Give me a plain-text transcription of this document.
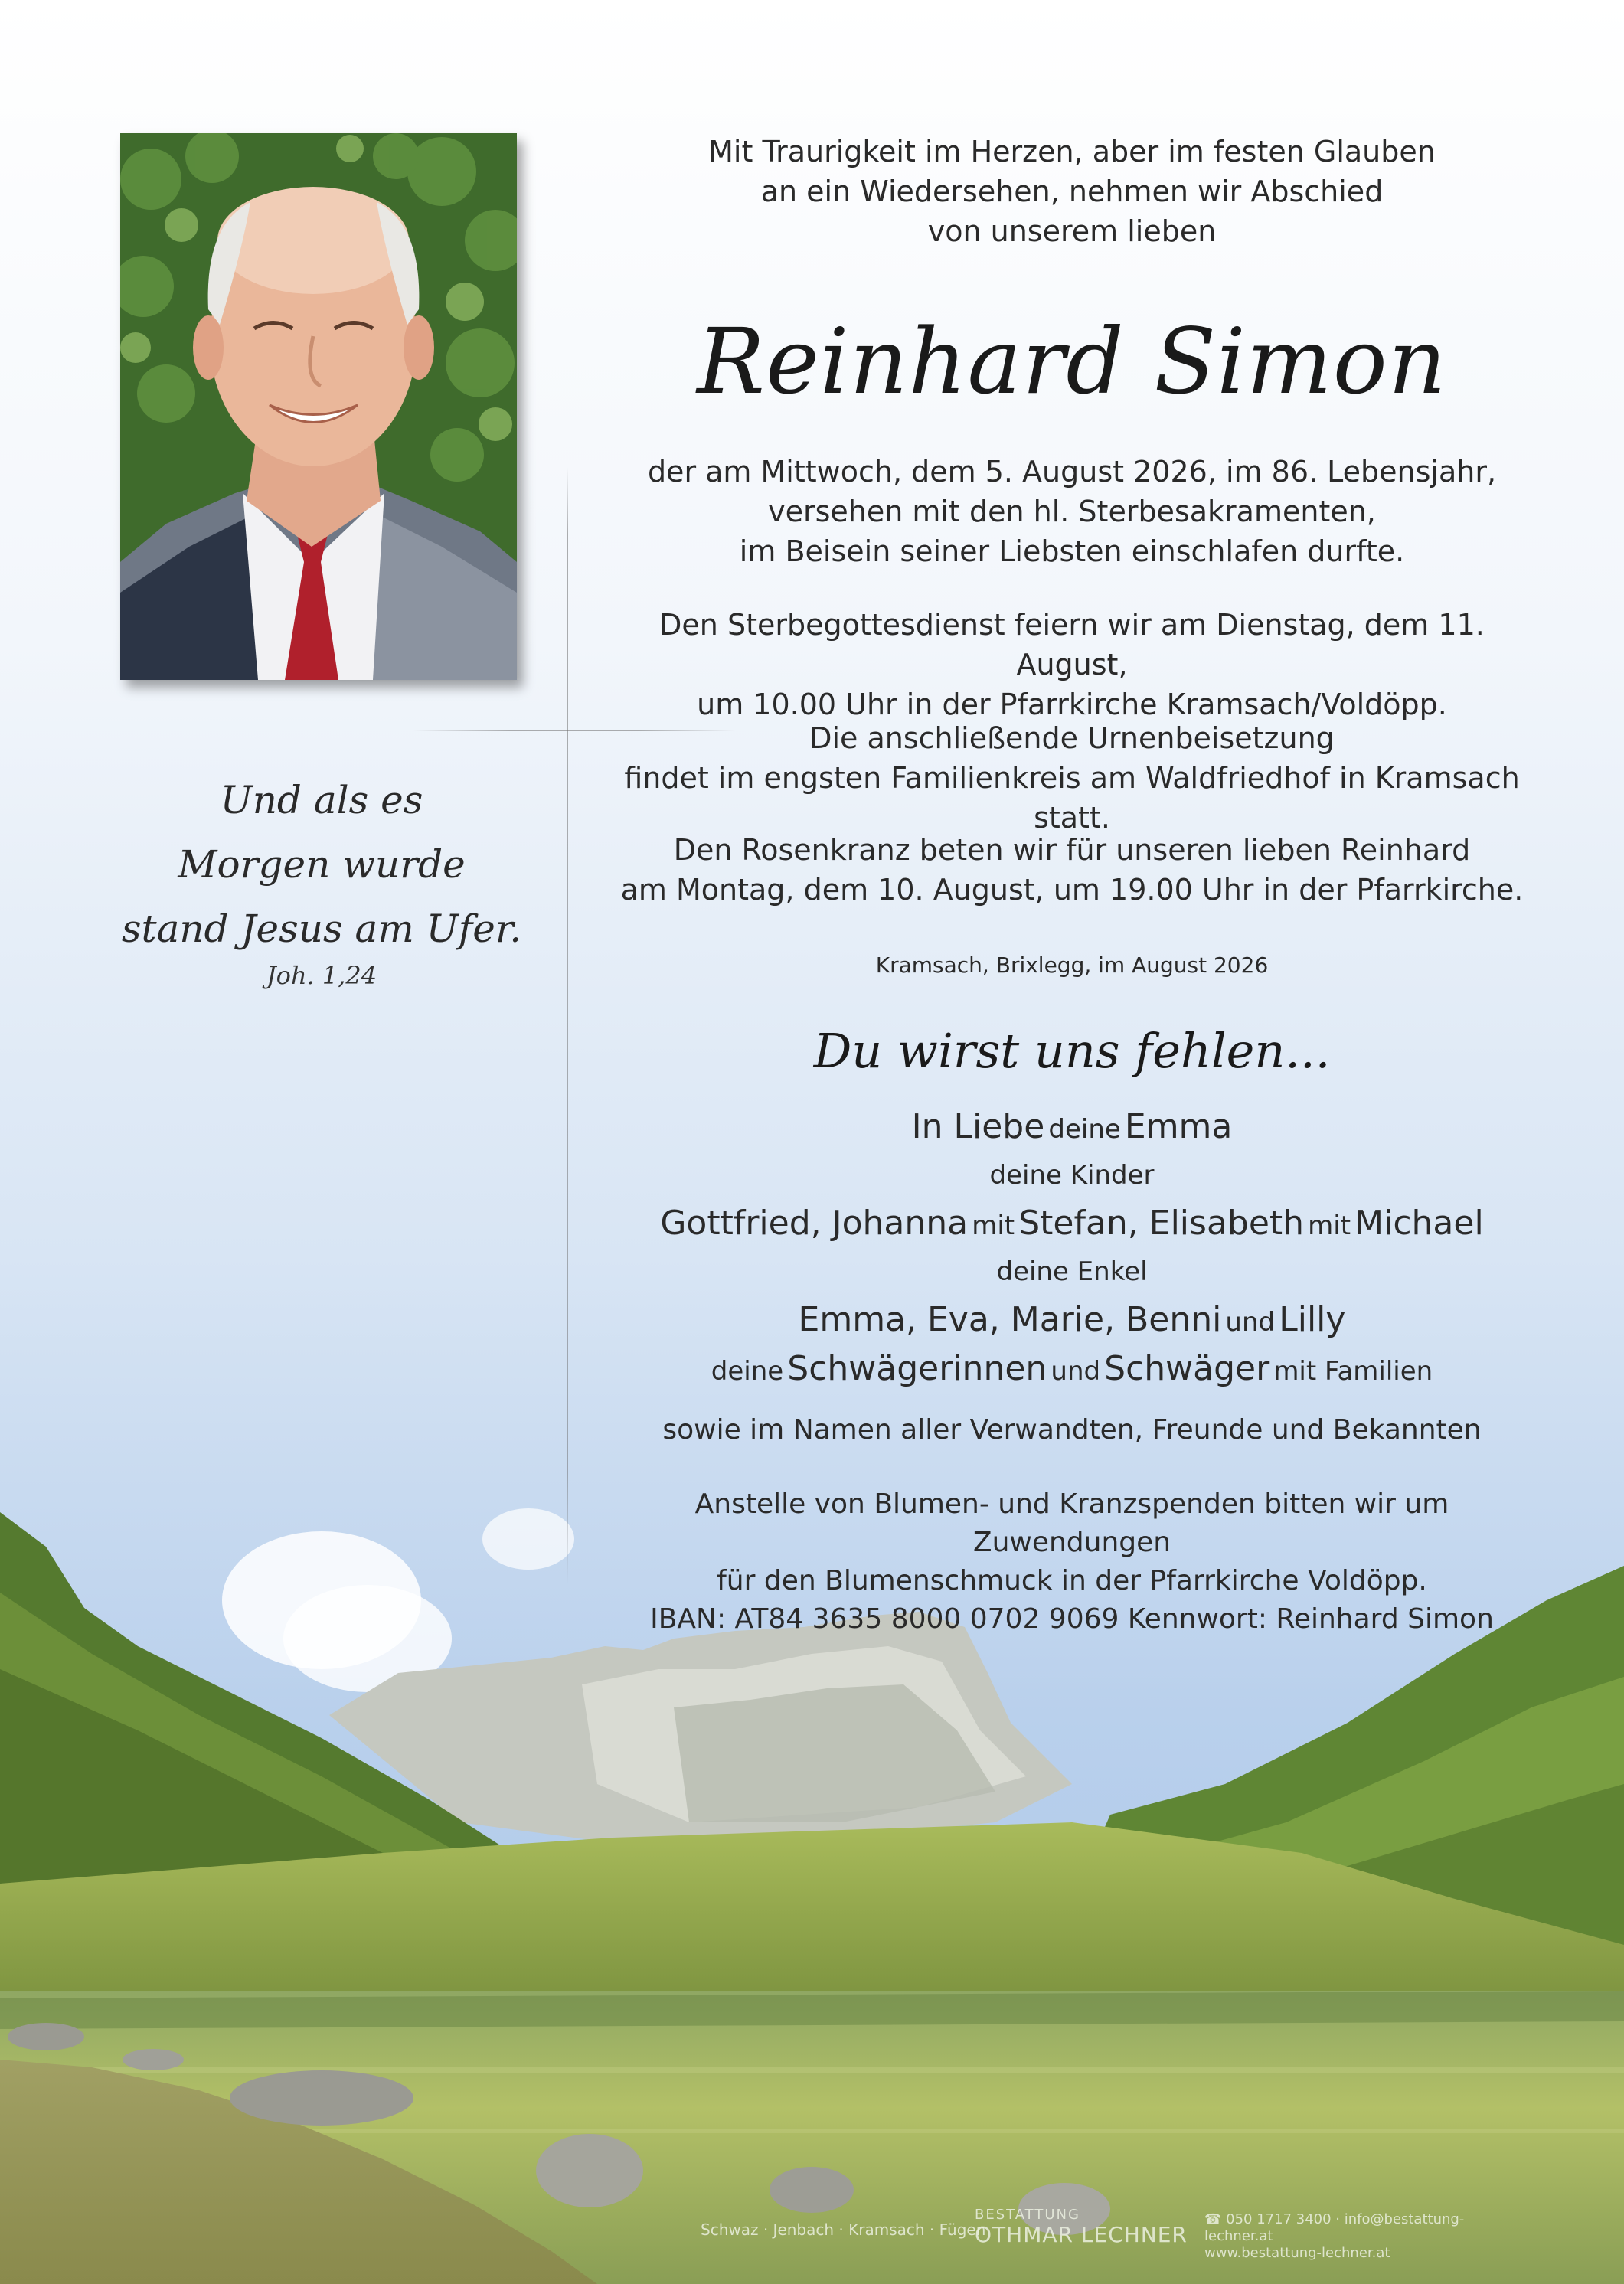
Und als es
Morgen wurde
stand Jesus am Ufer.
Joh. 1,24
Mit Traurigkeit im Herzen, aber im festen Glauben
an ein Wiedersehen, nehmen wir Abschied
von unserem lieben
Reinhard Simon
der am Mittwoch, dem 5. August 2026, im 86. Lebensjahr,
versehen mit den hl. Sterbesakramenten,
im Beisein seiner Liebsten einschlafen durfte.
Den Sterbegottesdienst feiern wir am Dienstag, dem 11. August,
um 10.00 Uhr in der Pfarrkirche Kramsach/Voldöpp.
Die anschließende Urnenbeisetzung
findet im engsten Familienkreis am Waldfriedhof in Kramsach statt.
Den Rosenkranz beten wir für unseren lieben Reinhard
am Montag, dem 10. August, um 19.00 Uhr in der Pfarrkirche.
Kramsach, Brixlegg, im August 2026
Du wirst uns fehlen...
In Liebe deine Emma
deine Kinder
Gottfried, Johanna mit Stefan, Elisabeth mit Michael
deine Enkel
Emma, Eva, Marie, Benni und Lilly
deine Schwägerinnen und Schwäger mit Familien
sowie im Namen aller Verwandten, Freunde und Bekannten
Anstelle von Blumen- und Kranzspenden bitten wir um Zuwendungen
für den Blumenschmuck in der Pfarrkirche Voldöpp.
IBAN: AT84 3635 8000 0702 9069 Kennwort: Reinhard Simon
Schwaz · Jenbach · Kramsach · Fügen
BESTATTUNG
OTHMAR LECHNER
☎ 050 1717 3400 · info@bestattung-lechner.at
www.bestattung-lechner.at
